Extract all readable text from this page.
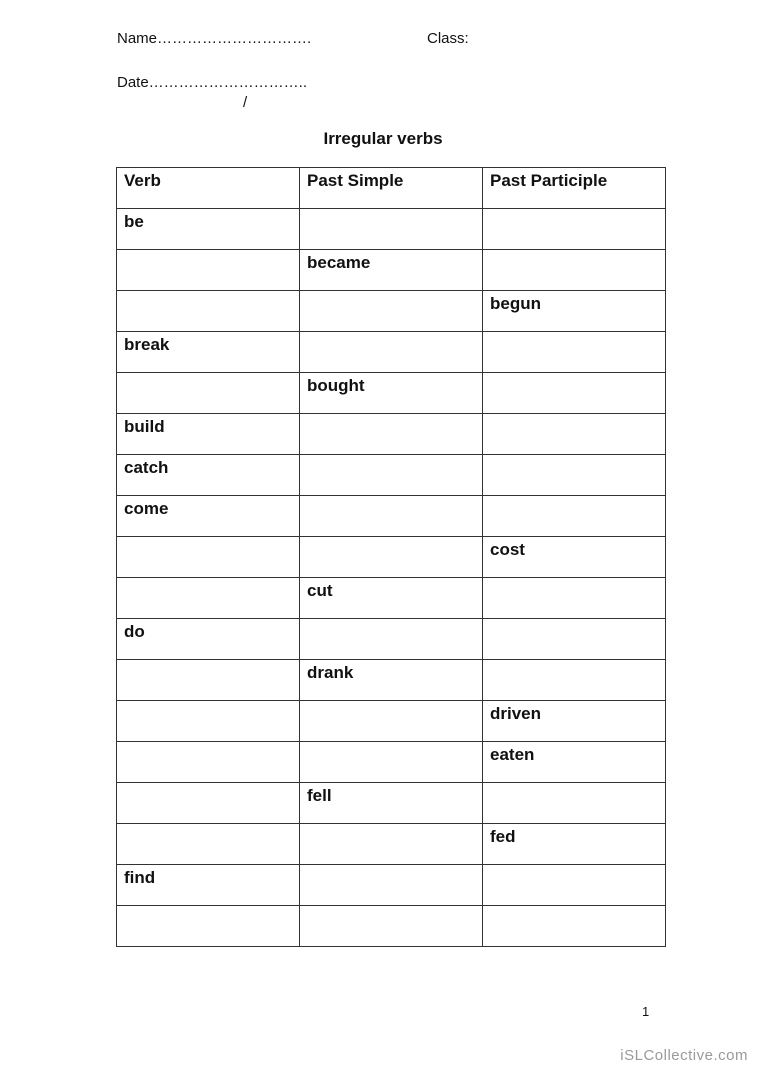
Name………………………….	Class:
Date…………………………..
/
Irregular verbs
Verb	Past Simple	Past Participle
be		
	became	
		begun
break		
	bought	
build		
catch		
come		
		cost
	cut	
do		
	drank	
		driven
		eaten
	fell	
		fed
find		

1
iSLCollective.com
